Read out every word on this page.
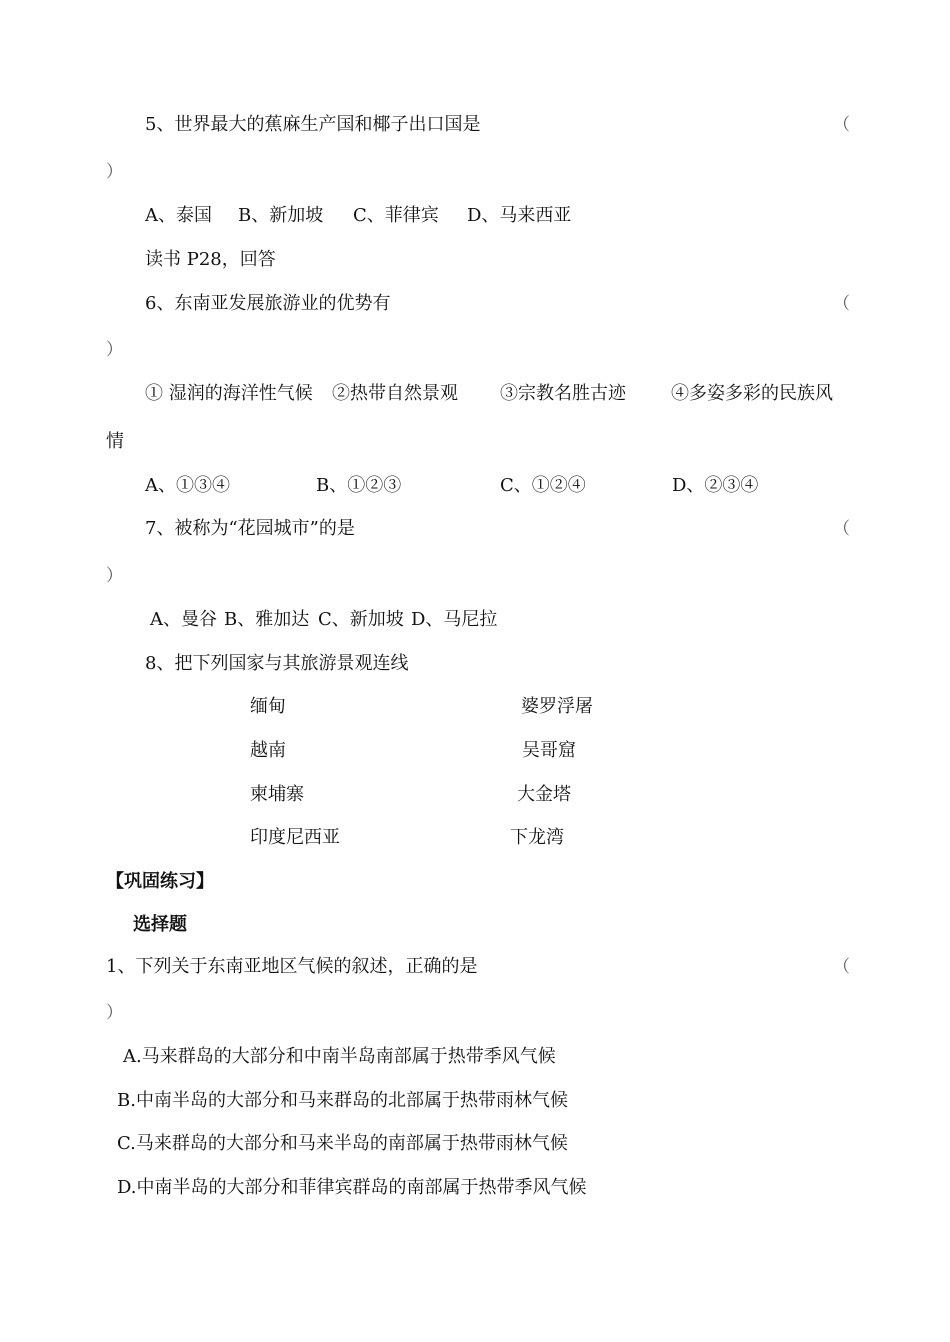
5、世界最大的蕉麻生产国和椰子出口国是	（
）
A、泰国 B、新加坡 C、菲律宾 D、马来西亚
读书 P28，回答
6、东南亚发展旅游业的优势有	（
）
① 湿润的海洋性气候 ②热带自然景观 ③宗教名胜古迹	④多姿多彩的民族风
情
A、①③④	B、①②③	C、①②④	D、②③④
7、被称为“花园城市”的是	（
）
A、曼谷 B、雅加达 C、新加坡 D、马尼拉
8、把下列国家与其旅游景观连线
缅甸	婆罗浮屠
越南	吴哥窟
柬埔寨	大金塔
印度尼西亚	下龙湾
【巩固练习】
选择题
1、下列关于东南亚地区气候的叙述，正确的是	（
）
A.马来群岛的大部分和中南半岛南部属于热带季风气候
B.中南半岛的大部分和马来群岛的北部属于热带雨林气候
C.马来群岛的大部分和马来半岛的南部属于热带雨林气候
D.中南半岛的大部分和菲律宾群岛的南部属于热带季风气候
